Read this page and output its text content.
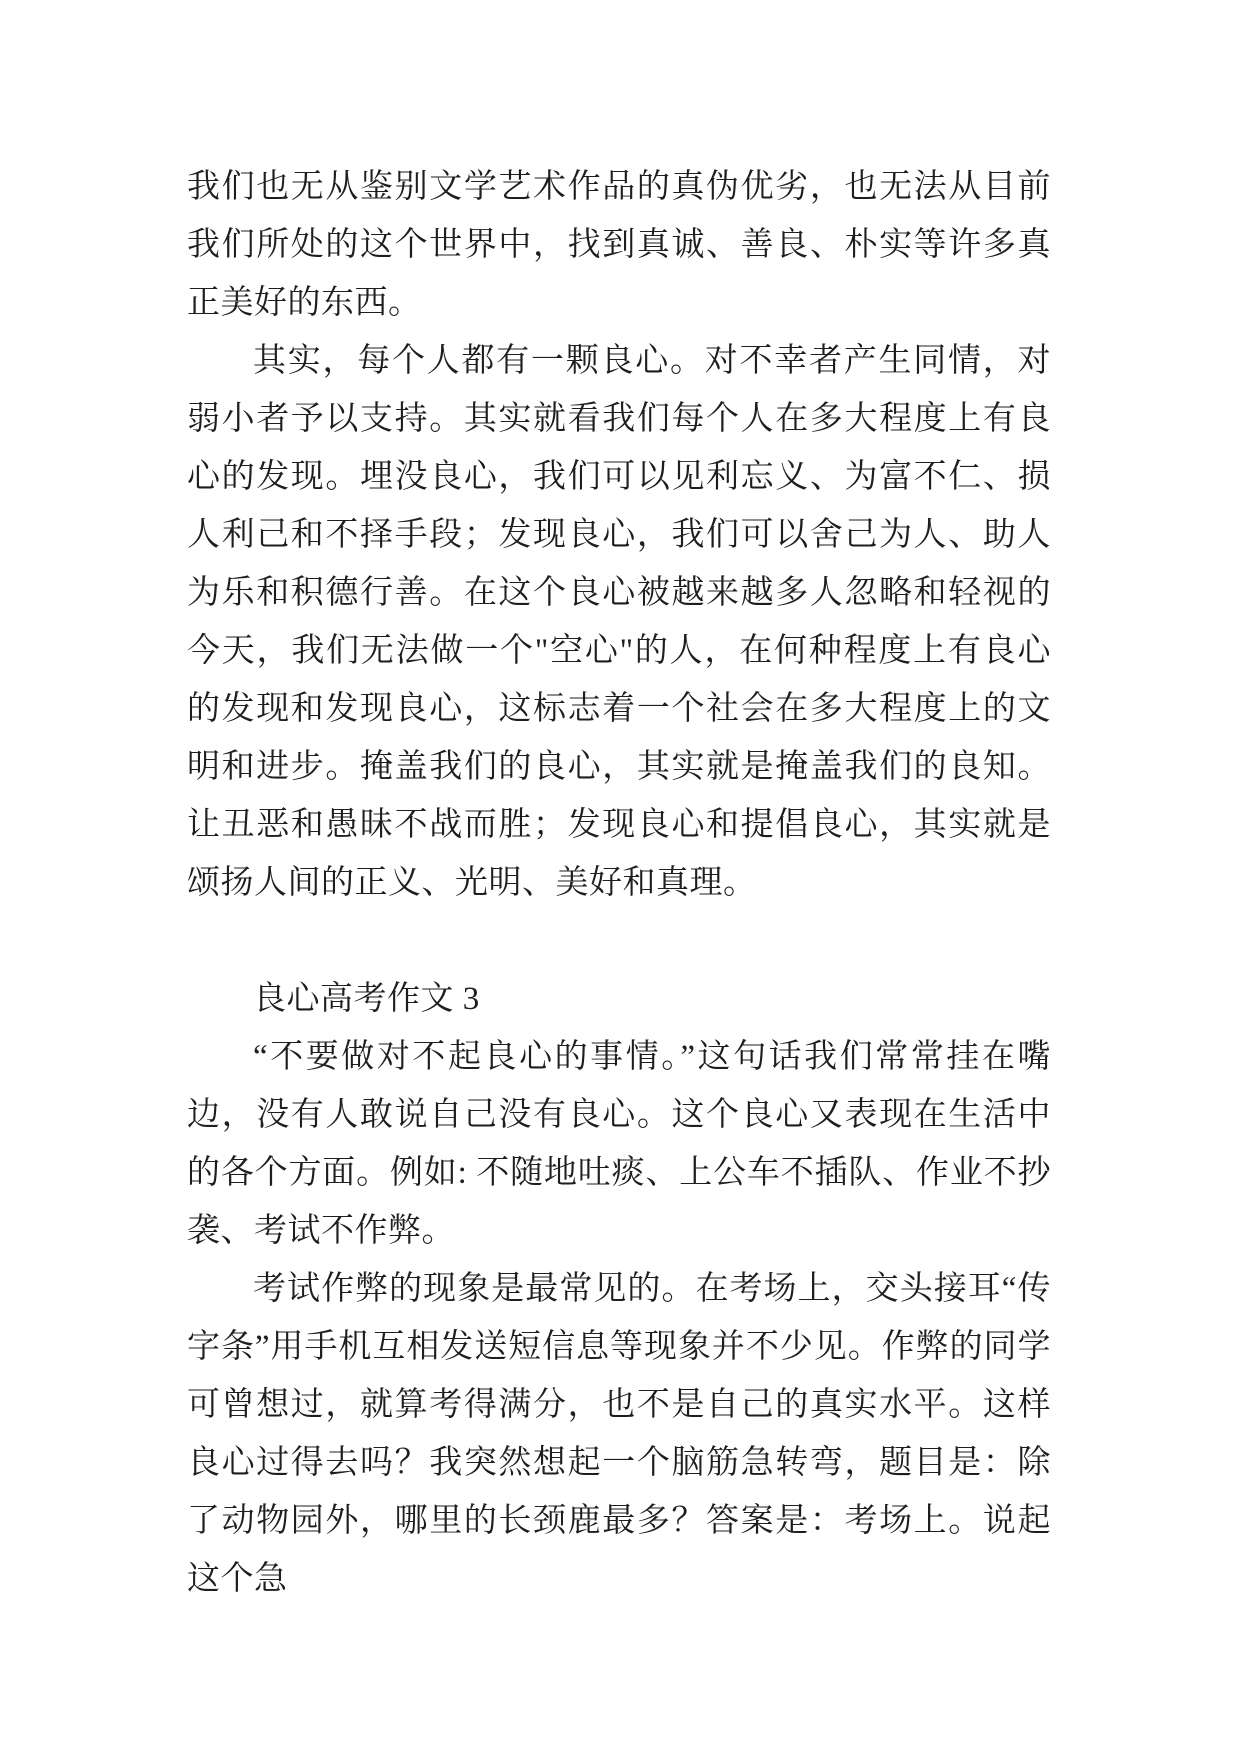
我们也无从鉴别文学艺术作品的真伪优劣，也无法从目前我们所处的这个世界中，找到真诚、善良、朴实等许多真正美好的东西。

其实，每个人都有一颗良心。对不幸者产生同情，对弱小者予以支持。其实就看我们每个人在多大程度上有良心的发现。埋没良心，我们可以见利忘义、为富不仁、损人利己和不择手段；发现良心，我们可以舍己为人、助人为乐和积德行善。在这个良心被越来越多人忽略和轻视的今天，我们无法做一个"空心"的人，在何种程度上有良心的发现和发现良心，这标志着一个社会在多大程度上的文明和进步。掩盖我们的良心，其实就是掩盖我们的良知。让丑恶和愚昧不战而胜；发现良心和提倡良心，其实就是颂扬人间的正义、光明、美好和真理。

良心高考作文 3

“不要做对不起良心的事情。”这句话我们常常挂在嘴边，没有人敢说自己没有良心。这个良心又表现在生活中的各个方面。例如: 不随地吐痰、上公车不插队、作业不抄袭、考试不作弊。

考试作弊的现象是最常见的。在考场上，交头接耳“传字条”用手机互相发送短信息等现象并不少见。作弊的同学可曾想过，就算考得满分，也不是自己的真实水平。这样良心过得去吗？我突然想起一个脑筋急转弯，题目是：除了动物园外，哪里的长颈鹿最多？答案是：考场上。说起这个急
